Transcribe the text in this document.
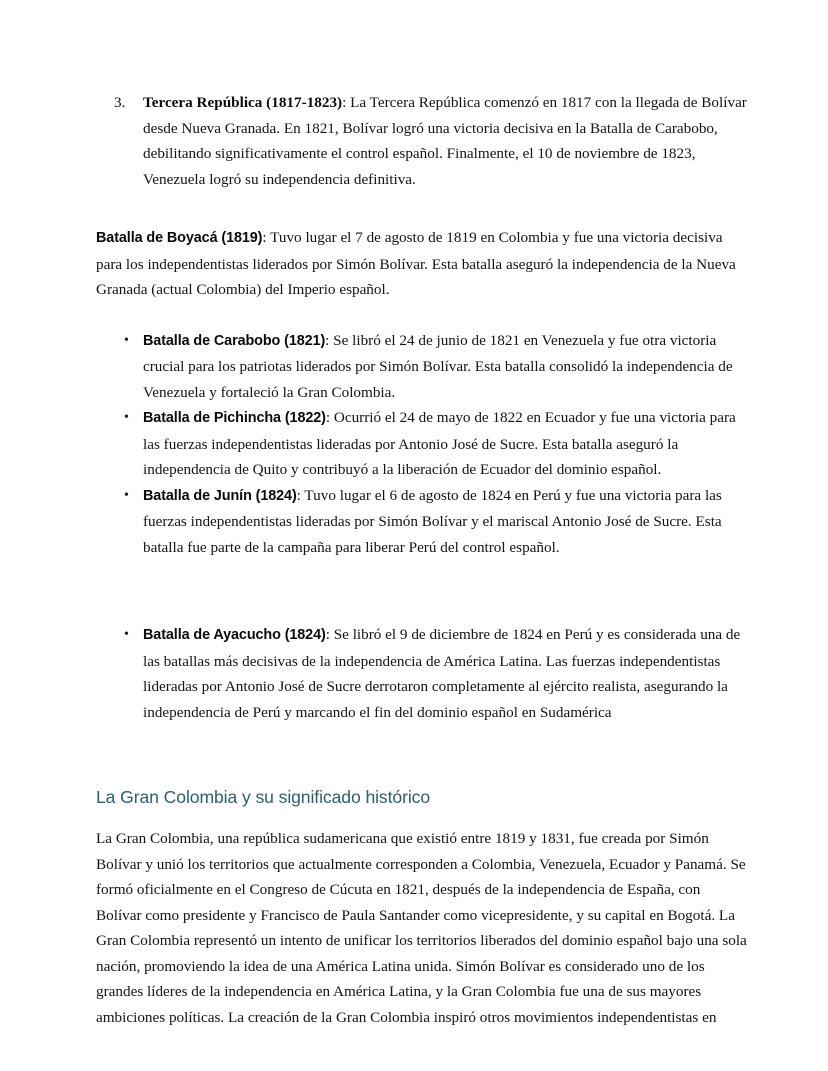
3. Tercera República (1817-1823): La Tercera República comenzó en 1817 con la llegada de Bolívar desde Nueva Granada. En 1821, Bolívar logró una victoria decisiva en la Batalla de Carabobo, debilitando significativamente el control español. Finalmente, el 10 de noviembre de 1823, Venezuela logró su independencia definitiva.

Batalla de Boyacá (1819): Tuvo lugar el 7 de agosto de 1819 en Colombia y fue una victoria decisiva para los independentistas liderados por Simón Bolívar. Esta batalla aseguró la independencia de la Nueva Granada (actual Colombia) del Imperio español.

• Batalla de Carabobo (1821): Se libró el 24 de junio de 1821 en Venezuela y fue otra victoria crucial para los patriotas liderados por Simón Bolívar. Esta batalla consolidó la independencia de Venezuela y fortaleció la Gran Colombia.
• Batalla de Pichincha (1822): Ocurrió el 24 de mayo de 1822 en Ecuador y fue una victoria para las fuerzas independentistas lideradas por Antonio José de Sucre. Esta batalla aseguró la independencia de Quito y contribuyó a la liberación de Ecuador del dominio español.
• Batalla de Junín (1824): Tuvo lugar el 6 de agosto de 1824 en Perú y fue una victoria para las fuerzas independentistas lideradas por Simón Bolívar y el mariscal Antonio José de Sucre. Esta batalla fue parte de la campaña para liberar Perú del control español.
• Batalla de Ayacucho (1824): Se libró el 9 de diciembre de 1824 en Perú y es considerada una de las batallas más decisivas de la independencia de América Latina. Las fuerzas independentistas lideradas por Antonio José de Sucre derrotaron completamente al ejército realista, asegurando la independencia de Perú y marcando el fin del dominio español en Sudamérica
La Gran Colombia y su significado histórico

La Gran Colombia, una república sudamericana que existió entre 1819 y 1831, fue creada por Simón Bolívar y unió los territorios que actualmente corresponden a Colombia, Venezuela, Ecuador y Panamá. Se formó oficialmente en el Congreso de Cúcuta en 1821, después de la independencia de España, con Bolívar como presidente y Francisco de Paula Santander como vicepresidente, y su capital en Bogotá. La Gran Colombia representó un intento de unificar los territorios liberados del dominio español bajo una sola nación, promoviendo la idea de una América Latina unida. Simón Bolívar es considerado uno de los grandes líderes de la independencia en América Latina, y la Gran Colombia fue una de sus mayores ambiciones políticas. La creación de la Gran Colombia inspiró otros movimientos independentistas en
